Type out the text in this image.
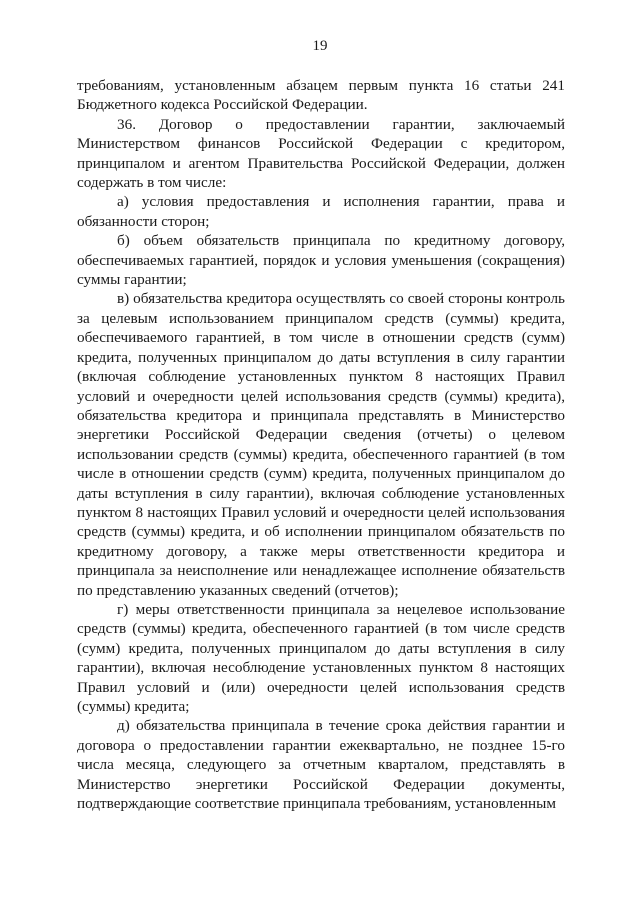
19

требованиям, установленным абзацем первым пункта 16 статьи 241 Бюджетного кодекса Российской Федерации.

36. Договор о предоставлении гарантии, заключаемый Министерством финансов Российской Федерации с кредитором, принципалом и агентом Правительства Российской Федерации, должен содержать в том числе:

а) условия предоставления и исполнения гарантии, права и обязанности сторон;

б) объем обязательств принципала по кредитному договору, обеспечиваемых гарантией, порядок и условия уменьшения (сокращения) суммы гарантии;

в) обязательства кредитора осуществлять со своей стороны контроль за целевым использованием принципалом средств (суммы) кредита, обеспечиваемого гарантией, в том числе в отношении средств (сумм) кредита, полученных принципалом до даты вступления в силу гарантии (включая соблюдение установленных пунктом 8 настоящих Правил условий и очередности целей использования средств (суммы) кредита), обязательства кредитора и принципала представлять в Министерство энергетики Российской Федерации сведения (отчеты) о целевом использовании средств (суммы) кредита, обеспеченного гарантией (в том числе в отношении средств (сумм) кредита, полученных принципалом до даты вступления в силу гарантии), включая соблюдение установленных пунктом 8 настоящих Правил условий и очередности целей использования средств (суммы) кредита, и об исполнении принципалом обязательств по кредитному договору, а также меры ответственности кредитора и принципала за неисполнение или ненадлежащее исполнение обязательств по представлению указанных сведений (отчетов);

г) меры ответственности принципала за нецелевое использование средств (суммы) кредита, обеспеченного гарантией (в том числе средств (сумм) кредита, полученных принципалом до даты вступления в силу гарантии), включая несоблюдение установленных пунктом 8 настоящих Правил условий и (или) очередности целей использования средств (суммы) кредита;

д) обязательства принципала в течение срока действия гарантии и договора о предоставлении гарантии ежеквартально, не позднее 15-го числа месяца, следующего за отчетным кварталом, представлять в Министерство энергетики Российской Федерации документы, подтверждающие соответствие принципала требованиям, установленным
